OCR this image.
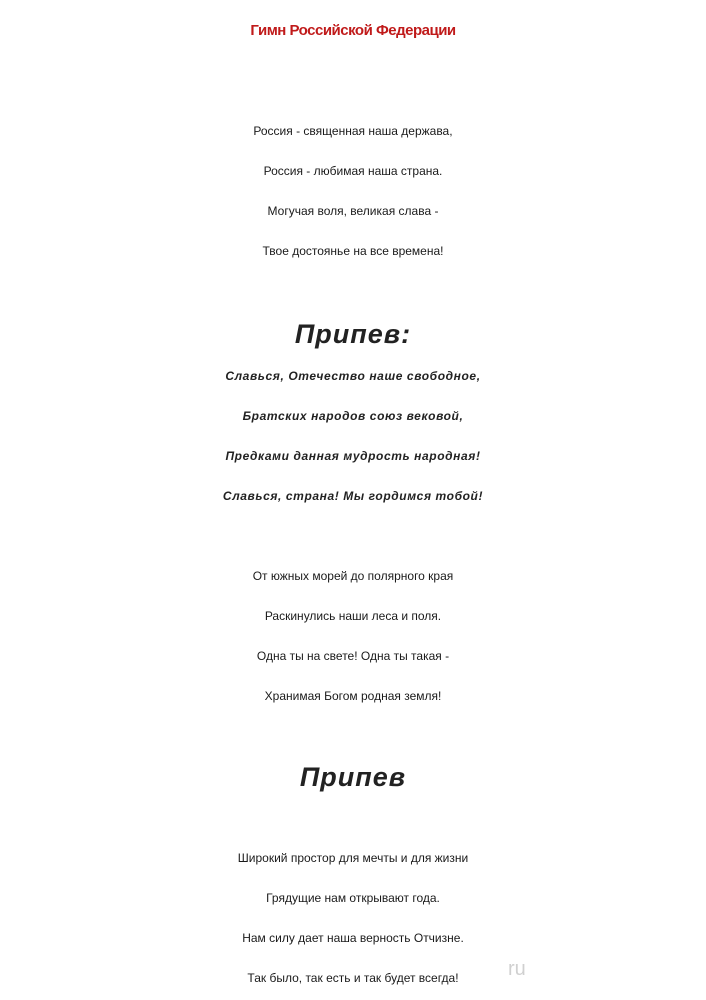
Гимн Российской Федерации
Россия - священная наша держава,
Россия - любимая наша страна.
Могучая воля, великая слава -
Твое достоянье на все времена!
Припев:
Славься, Отечество наше свободное,
Братских народов союз вековой,
Предками данная мудрость народная!
Славься, страна! Мы гордимся тобой!
От южных морей до полярного края
Раскинулись наши леса и поля.
Одна ты на свете! Одна ты такая -
Хранимая Богом родная земля!
Припев
Широкий простор для мечты и для жизни
Грядущие нам открывают года.
Нам силу дает наша верность Отчизне.
Так было, так есть и так будет всегда!	ru
